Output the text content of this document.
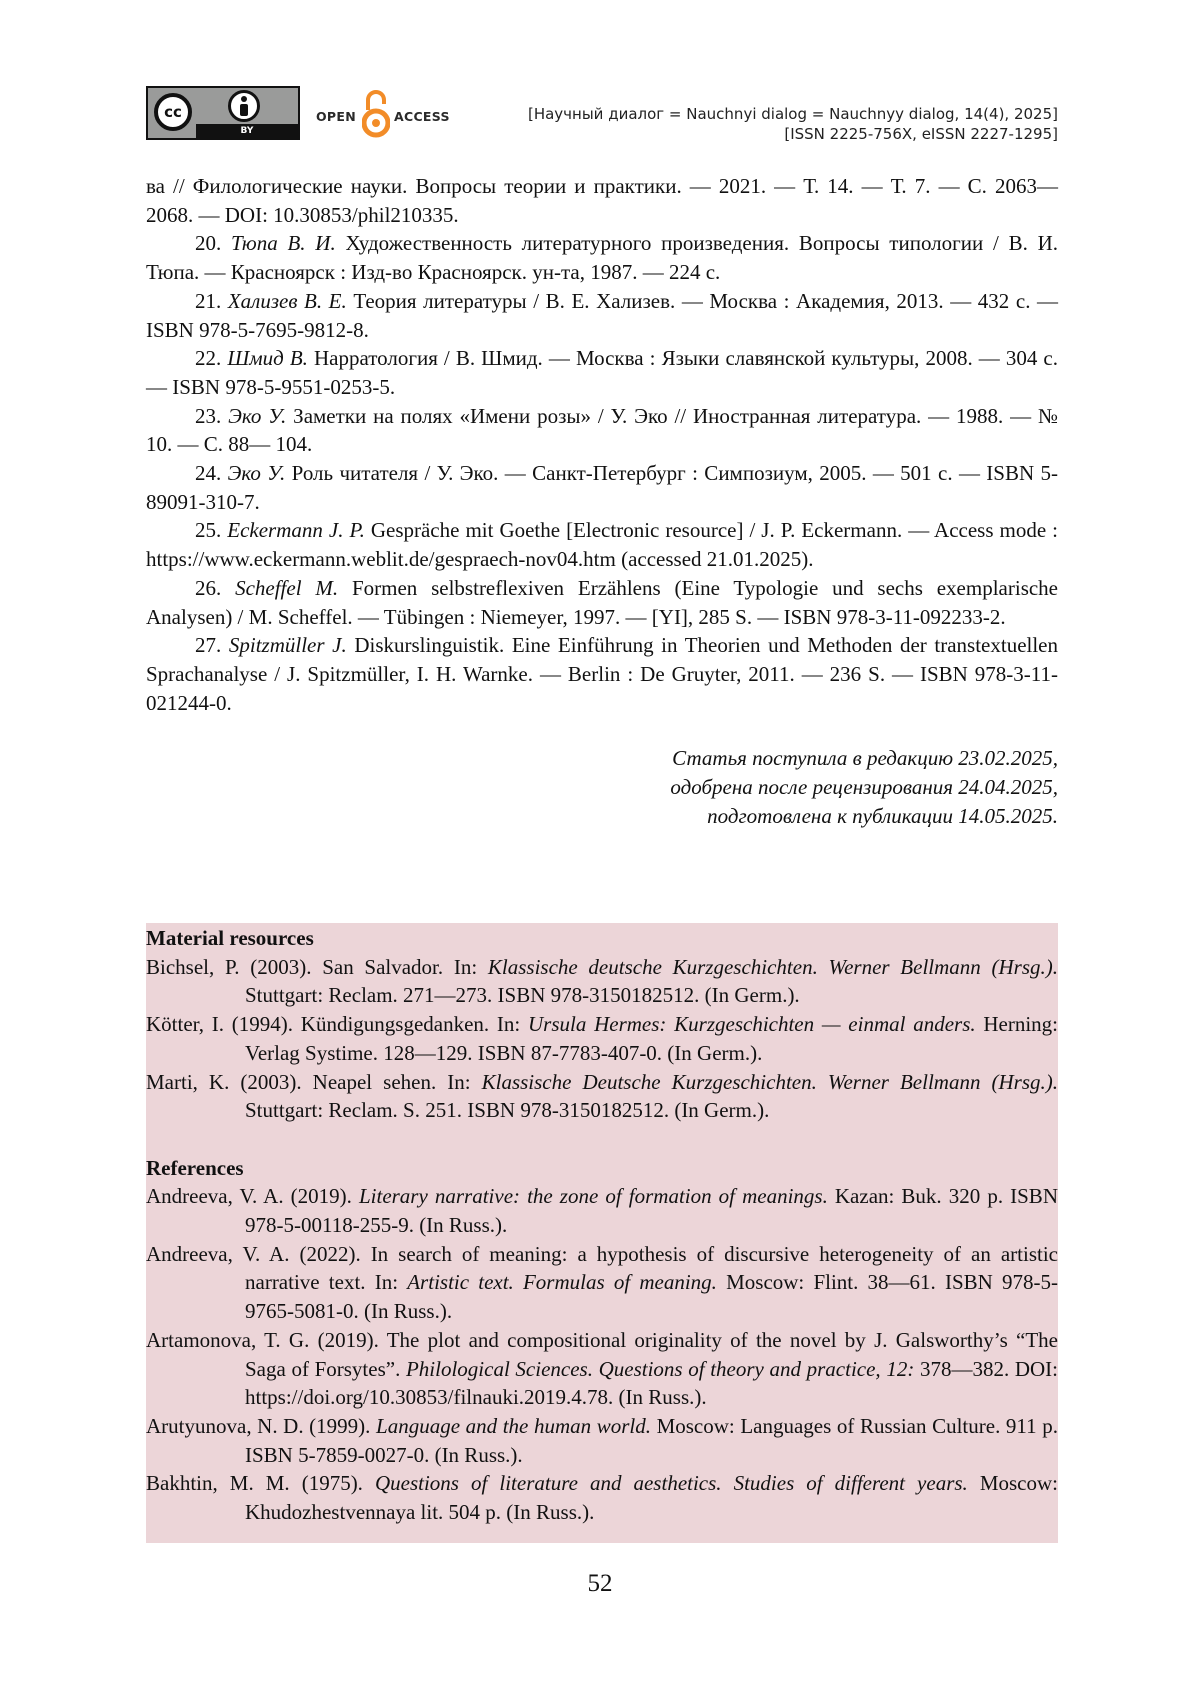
cc
BY
OPEN	ACCESS	[Научный диалог = Nauchnyi dialog = Nauchnyy dialog, 14(4), 2025]
[ISSN 2225-756X, eISSN 2227-1295]

ва // Филологические науки. Вопросы теории и практики. — 2021. — Т. 14. — Т. 7. — С. 2063— 2068. — DOI: 10.30853/phil210335.

20. Тюпа В. И. Художественность литературного произведения. Вопросы типологии / В. И. Тюпа. — Красноярск : Изд-во Красноярск. ун-та, 1987. — 224 с.

21. Хализев В. Е. Теория литературы / В. Е. Хализев. — Москва : Академия, 2013. — 432 с. — ISBN 978-5-7695-9812-8.

22. Шмид В. Нарратология / В. Шмид. — Москва : Языки славянской культуры, 2008. — 304 с. — ISBN 978-5-9551-0253-5.

23. Эко У. Заметки на полях «Имени розы» / У. Эко // Иностранная литература. — 1988. — № 10. — С. 88— 104.

24. Эко У. Роль читателя / У. Эко. — Санкт-Петербург : Симпозиум, 2005. — 501 с. — ISBN 5-89091-310-7.

25. Eckermann J. P. Gespräche mit Goethe [Electronic resource] / J. P. Eckermann. — Access mode : https://www.eckermann.weblit.de/gespraech-nov04.htm (accessed 21.01.2025).

26. Scheffel M. Formen selbstreflexiven Erzählens (Eine Typologie und sechs exemplarische Analysen) / M. Scheffel. — Tübingen : Niemeyer, 1997. — [YI], 285 S. — ISBN 978-3-11-092233-2.

27. Spitzmüller J. Diskurslinguistik. Eine Einführung in Theorien und Methoden der transtextuellen Sprachanalyse / J. Spitzmüller, I. H. Warnke. — Berlin : De Gruyter, 2011. — 236 S. — ISBN 978-3-11-021244-0.

Статья поступила в редакцию 23.02.2025,
одобрена после рецензирования 24.04.2025,
подготовлена к публикации 14.05.2025.

Material resources

Bichsel, P. (2003). San Salvador. In: Klassische deutsche Kurzgeschichten. Werner Bellmann (Hrsg.). Stuttgart: Reclam. 271—273. ISBN 978-3150182512. (In Germ.).

Kötter, I. (1994). Kündigungsgedanken. In: Ursula Hermes: Kurzgeschichten — einmal anders. Herning: Verlag Systime. 128—129. ISBN 87-7783-407-0. (In Germ.).

Marti, K. (2003). Neapel sehen. In: Klassische Deutsche Kurzgeschichten. Werner Bellmann (Hrsg.). Stuttgart: Reclam. S. 251. ISBN 978-3150182512. (In Germ.).

References

Andreeva, V. A. (2019). Literary narrative: the zone of formation of meanings. Kazan: Buk. 320 p. ISBN 978-5-00118-255-9. (In Russ.).

Andreeva, V. A. (2022). In search of meaning: a hypothesis of discursive heterogeneity of an artistic narrative text. In: Artistic text. Formulas of meaning. Moscow: Flint. 38—61. ISBN 978-5-9765-5081-0. (In Russ.).

Artamonova, T. G. (2019). The plot and compositional originality of the novel by J. Galsworthy’s “The Saga of Forsytes”. Philological Sciences. Questions of theory and practice, 12: 378—382. DOI: https://doi.org/10.30853/filnauki.2019.4.78. (In Russ.).

Arutyunova, N. D. (1999). Language and the human world. Moscow: Languages of Russian Culture. 911 p. ISBN 5-7859-0027-0. (In Russ.).

Bakhtin, M. M. (1975). Questions of literature and aesthetics. Studies of different years. Moscow: Khudozhestvennaya lit. 504 p. (In Russ.).

52
